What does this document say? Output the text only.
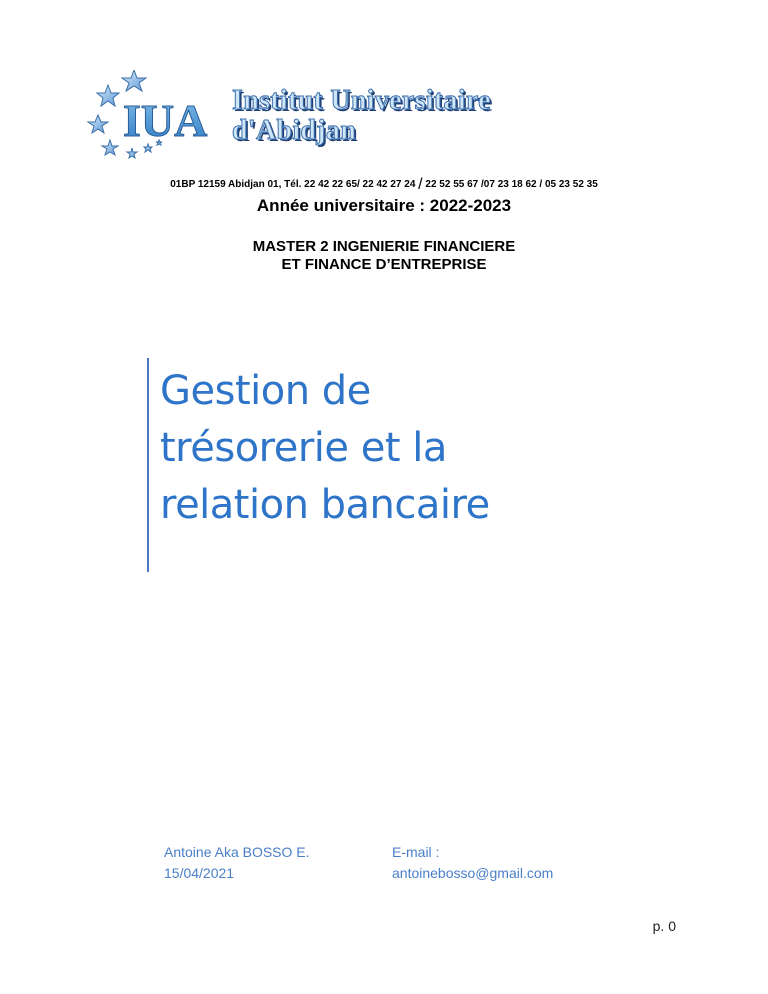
IUA Institut Universitaire
d'Abidjan
01BP 12159 Abidjan 01, Tél. 22 42 22 65/ 22 42 27 24 / 22 52 55 67 /07 23 18 62 / 05 23 52 35
Année universitaire : 2022-2023
MASTER 2 INGENIERIE FINANCIERE
ET FINANCE D’ENTREPRISE
Gestion de
trésorerie et la
relation bancaire
Antoine Aka BOSSO E.
15/04/2021
E-mail :
antoinebosso@gmail.com
p. 0
